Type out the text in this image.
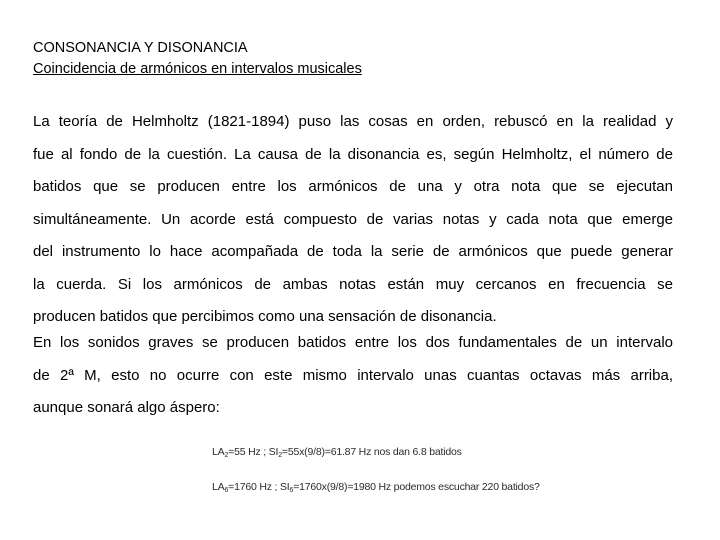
CONSONANCIA Y DISONANCIA
Coincidencia de armónicos en intervalos musicales
La teoría de Helmholtz (1821-1894) puso las cosas en orden, rebuscó en la realidad y
fue al fondo de la cuestión. La causa de la disonancia es, según Helmholtz, el número de
batidos que se producen entre los armónicos de una y otra nota que se ejecutan
simultáneamente. Un acorde está compuesto de varias notas y cada nota que emerge
del instrumento lo hace acompañada de toda la serie de armónicos que puede generar
la cuerda. Si los armónicos de ambas notas están muy cercanos en frecuencia se
producen batidos que percibimos como una sensación de disonancia.
En los sonidos graves se producen batidos entre los dos fundamentales de un intervalo
de 2ª M, esto no ocurre con este mismo intervalo unas cuantas octavas más arriba,
aunque sonará algo áspero:
$LA_2=55$ Hz ; $SI_2=55x(9/8)=61.87$ Hz nos dan 6.8 batidos
$LA_6=1760$ Hz ; $SI_6=1760x(9/8)=1980$ Hz podemos escuchar 220 batidos?
